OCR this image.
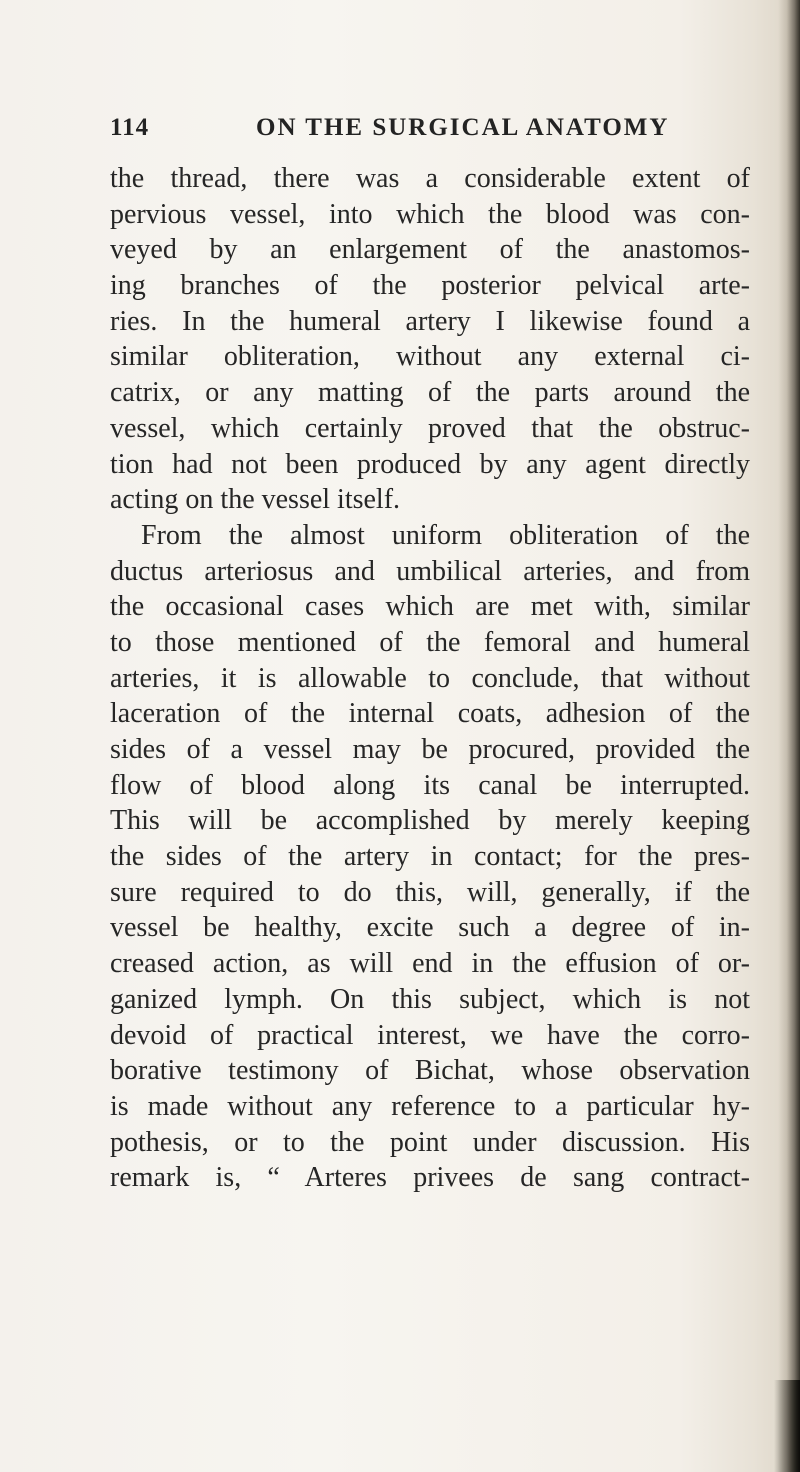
114	ON THE SURGICAL ANATOMY
the thread, there was a considerable extent of
pervious vessel, into which the blood was con-
veyed by an enlargement of the anastomos-
ing branches of the posterior pelvical arte-
ries. In the humeral artery I likewise found a
similar obliteration, without any external ci-
catrix, or any matting of the parts around the
vessel, which certainly proved that the obstruc-
tion had not been produced by any agent directly
acting on the vessel itself.
From the almost uniform obliteration of the
ductus arteriosus and umbilical arteries, and from
the occasional cases which are met with, similar
to those mentioned of the femoral and humeral
arteries, it is allowable to conclude, that without
laceration of the internal coats, adhesion of the
sides of a vessel may be procured, provided the
flow of blood along its canal be interrupted.
This will be accomplished by merely keeping
the sides of the artery in contact; for the pres-
sure required to do this, will, generally, if the
vessel be healthy, excite such a degree of in-
creased action, as will end in the effusion of or-
ganized lymph. On this subject, which is not
devoid of practical interest, we have the corro-
borative testimony of Bichat, whose observation
is made without any reference to a particular hy-
pothesis, or to the point under discussion. His
remark is, “ Arteres privees de sang contract-
